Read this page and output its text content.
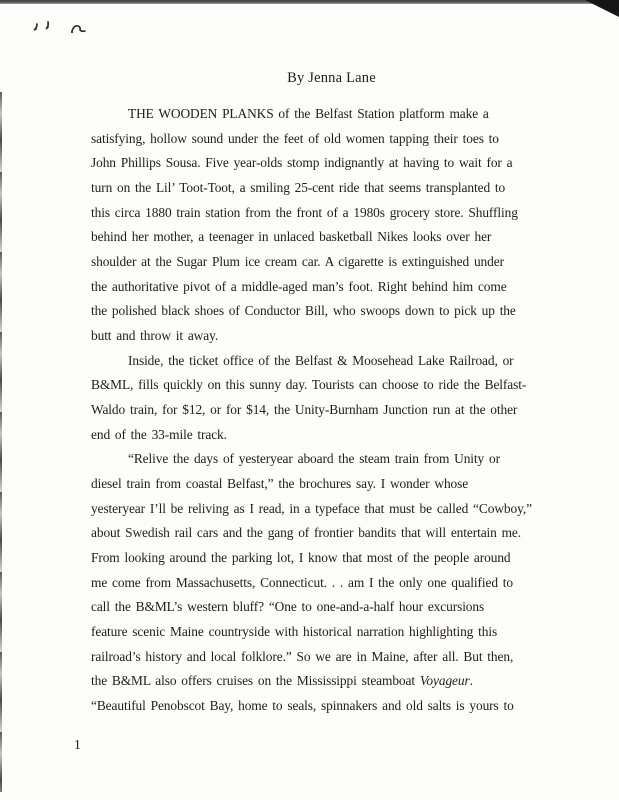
By Jenna Lane
THE WOODEN PLANKS of the Belfast Station platform make a
satisfying, hollow sound under the feet of old women tapping their toes to
John Phillips Sousa. Five year-olds stomp indignantly at having to wait for a
turn on the Lil’ Toot-Toot, a smiling 25-cent ride that seems transplanted to
this circa 1880 train station from the front of a 1980s grocery store. Shuffling
behind her mother, a teenager in unlaced basketball Nikes looks over her
shoulder at the Sugar Plum ice cream car. A cigarette is extinguished under
the authoritative pivot of a middle-aged man’s foot. Right behind him come
the polished black shoes of Conductor Bill, who swoops down to pick up the
butt and throw it away.
Inside, the ticket office of the Belfast & Moosehead Lake Railroad, or
B&ML, fills quickly on this sunny day. Tourists can choose to ride the Belfast-
Waldo train, for $12, or for $14, the Unity-Burnham Junction run at the other
end of the 33-mile track.
“Relive the days of yesteryear aboard the steam train from Unity or
diesel train from coastal Belfast,” the brochures say. I wonder whose
yesteryear I’ll be reliving as I read, in a typeface that must be called “Cowboy,”
about Swedish rail cars and the gang of frontier bandits that will entertain me.
From looking around the parking lot, I know that most of the people around
me come from Massachusetts, Connecticut. . . am I the only one qualified to
call the B&ML’s western bluff? “One to one-and-a-half hour excursions
feature scenic Maine countryside with historical narration highlighting this
railroad’s history and local folklore.” So we are in Maine, after all. But then,
the B&ML also offers cruises on the Mississippi steamboat Voyageur.
“Beautiful Penobscot Bay, home to seals, spinnakers and old salts is yours to
1
